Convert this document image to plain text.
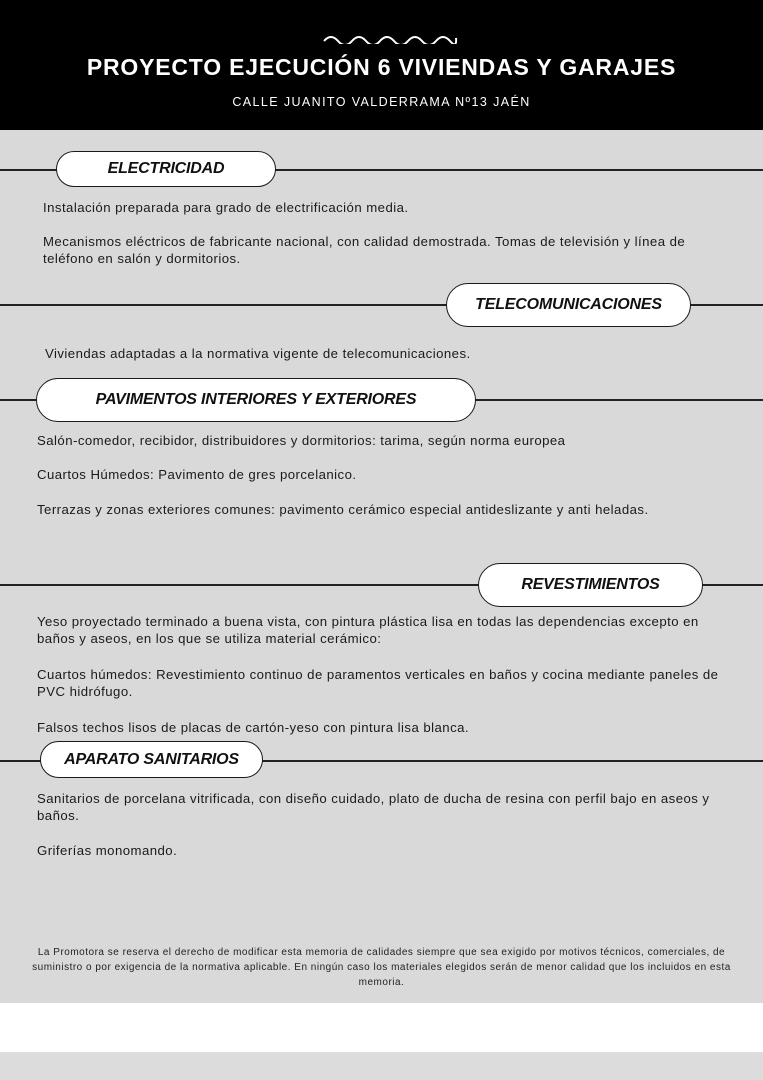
PROYECTO EJECUCIÓN 6 VIVIENDAS Y GARAJES
CALLE JUANITO VALDERRAMA Nº13 JAÉN
ELECTRICIDAD

Instalación preparada para grado de electrificación media.

Mecanismos eléctricos de fabricante nacional, con calidad demostrada. Tomas de televisión y línea de teléfono en salón y dormitorios.

TELECOMUNICACIONES

Viviendas adaptadas a la normativa vigente de telecomunicaciones.

PAVIMENTOS INTERIORES Y EXTERIORES

Salón-comedor, recibidor, distribuidores y dormitorios: tarima, según norma europea

Cuartos Húmedos: Pavimento de gres porcelanico.

Terrazas y zonas exteriores comunes: pavimento cerámico especial antideslizante y anti heladas.

REVESTIMIENTOS

Yeso proyectado terminado a buena vista, con pintura plástica lisa en todas las dependencias excepto en baños y aseos, en los que se utiliza material cerámico:

Cuartos húmedos: Revestimiento continuo de paramentos verticales en baños y cocina mediante paneles de PVC hidrófugo.

Falsos techos lisos de placas de cartón-yeso con pintura lisa blanca.

APARATO SANITARIOS

Sanitarios de porcelana vitrificada, con diseño cuidado, plato de ducha de resina con perfil bajo en aseos y baños.

Griferías monomando.

La Promotora se reserva el derecho de modificar esta memoria de calidades siempre que sea exigido por motivos técnicos, comerciales, de suministro o por exigencia de la normativa aplicable. En ningún caso los materiales elegidos serán de menor calidad que los incluidos en esta memoria.
